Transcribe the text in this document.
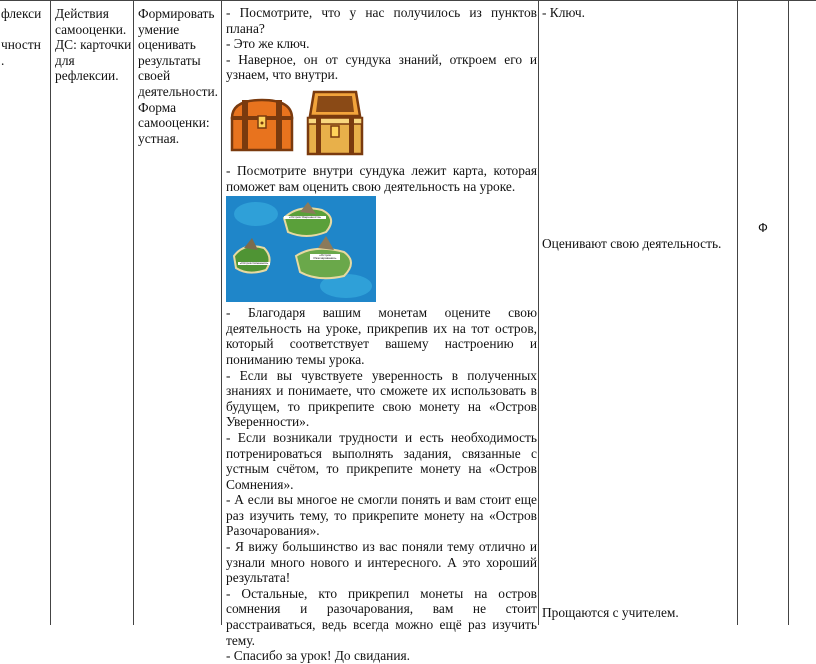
флекси
чностн
.
Действия
самооценки.
ДС: карточки
для
рефлексии.
Формировать
умение
оценивать
результаты
своей
деятельности.
Форма
самооценки:
устная.

- Посмотрите, что у нас получилось из пунктов плана?

- Это же ключ.

- Наверное, он от сундука знаний, откроем его и узнаем, что внутри.

- Посмотрите внутри сундука лежит карта, которая поможет вам оценить свою деятельность на уроке.

«Остров Уверенности»
«Остров Сомнения»
«Остров Разочарования»

- Благодаря вашим монетам оцените свою деятельность на уроке, прикрепив их на тот остров, который соответствует вашему настроению и пониманию темы урока.

- Если вы чувствуете уверенность в полученных знаниях и понимаете, что сможете их использовать в будущем, то прикрепите свою монету на «Остров Уверенности».

- Если возникали трудности и есть необходимость потренироваться выполнять задания, связанные с устным счётом, то прикрепите монету на «Остров Сомнения».

- А если вы многое не смогли понять и вам стоит еще раз изучить тему, то прикрепите монету на «Остров Разочарования».

- Я вижу большинство из вас поняли тему отлично и узнали много нового и интересного. А это хороший результата!

- Остальные, кто прикрепил монеты на остров сомнения и разочарования, вам не стоит расстраиваться, ведь всегда можно ещё раз изучить тему.

- Спасибо за урок! До свидания.

- Ключ.
Оценивают свою деятельность.
Прощаются с учителем.
Ф
